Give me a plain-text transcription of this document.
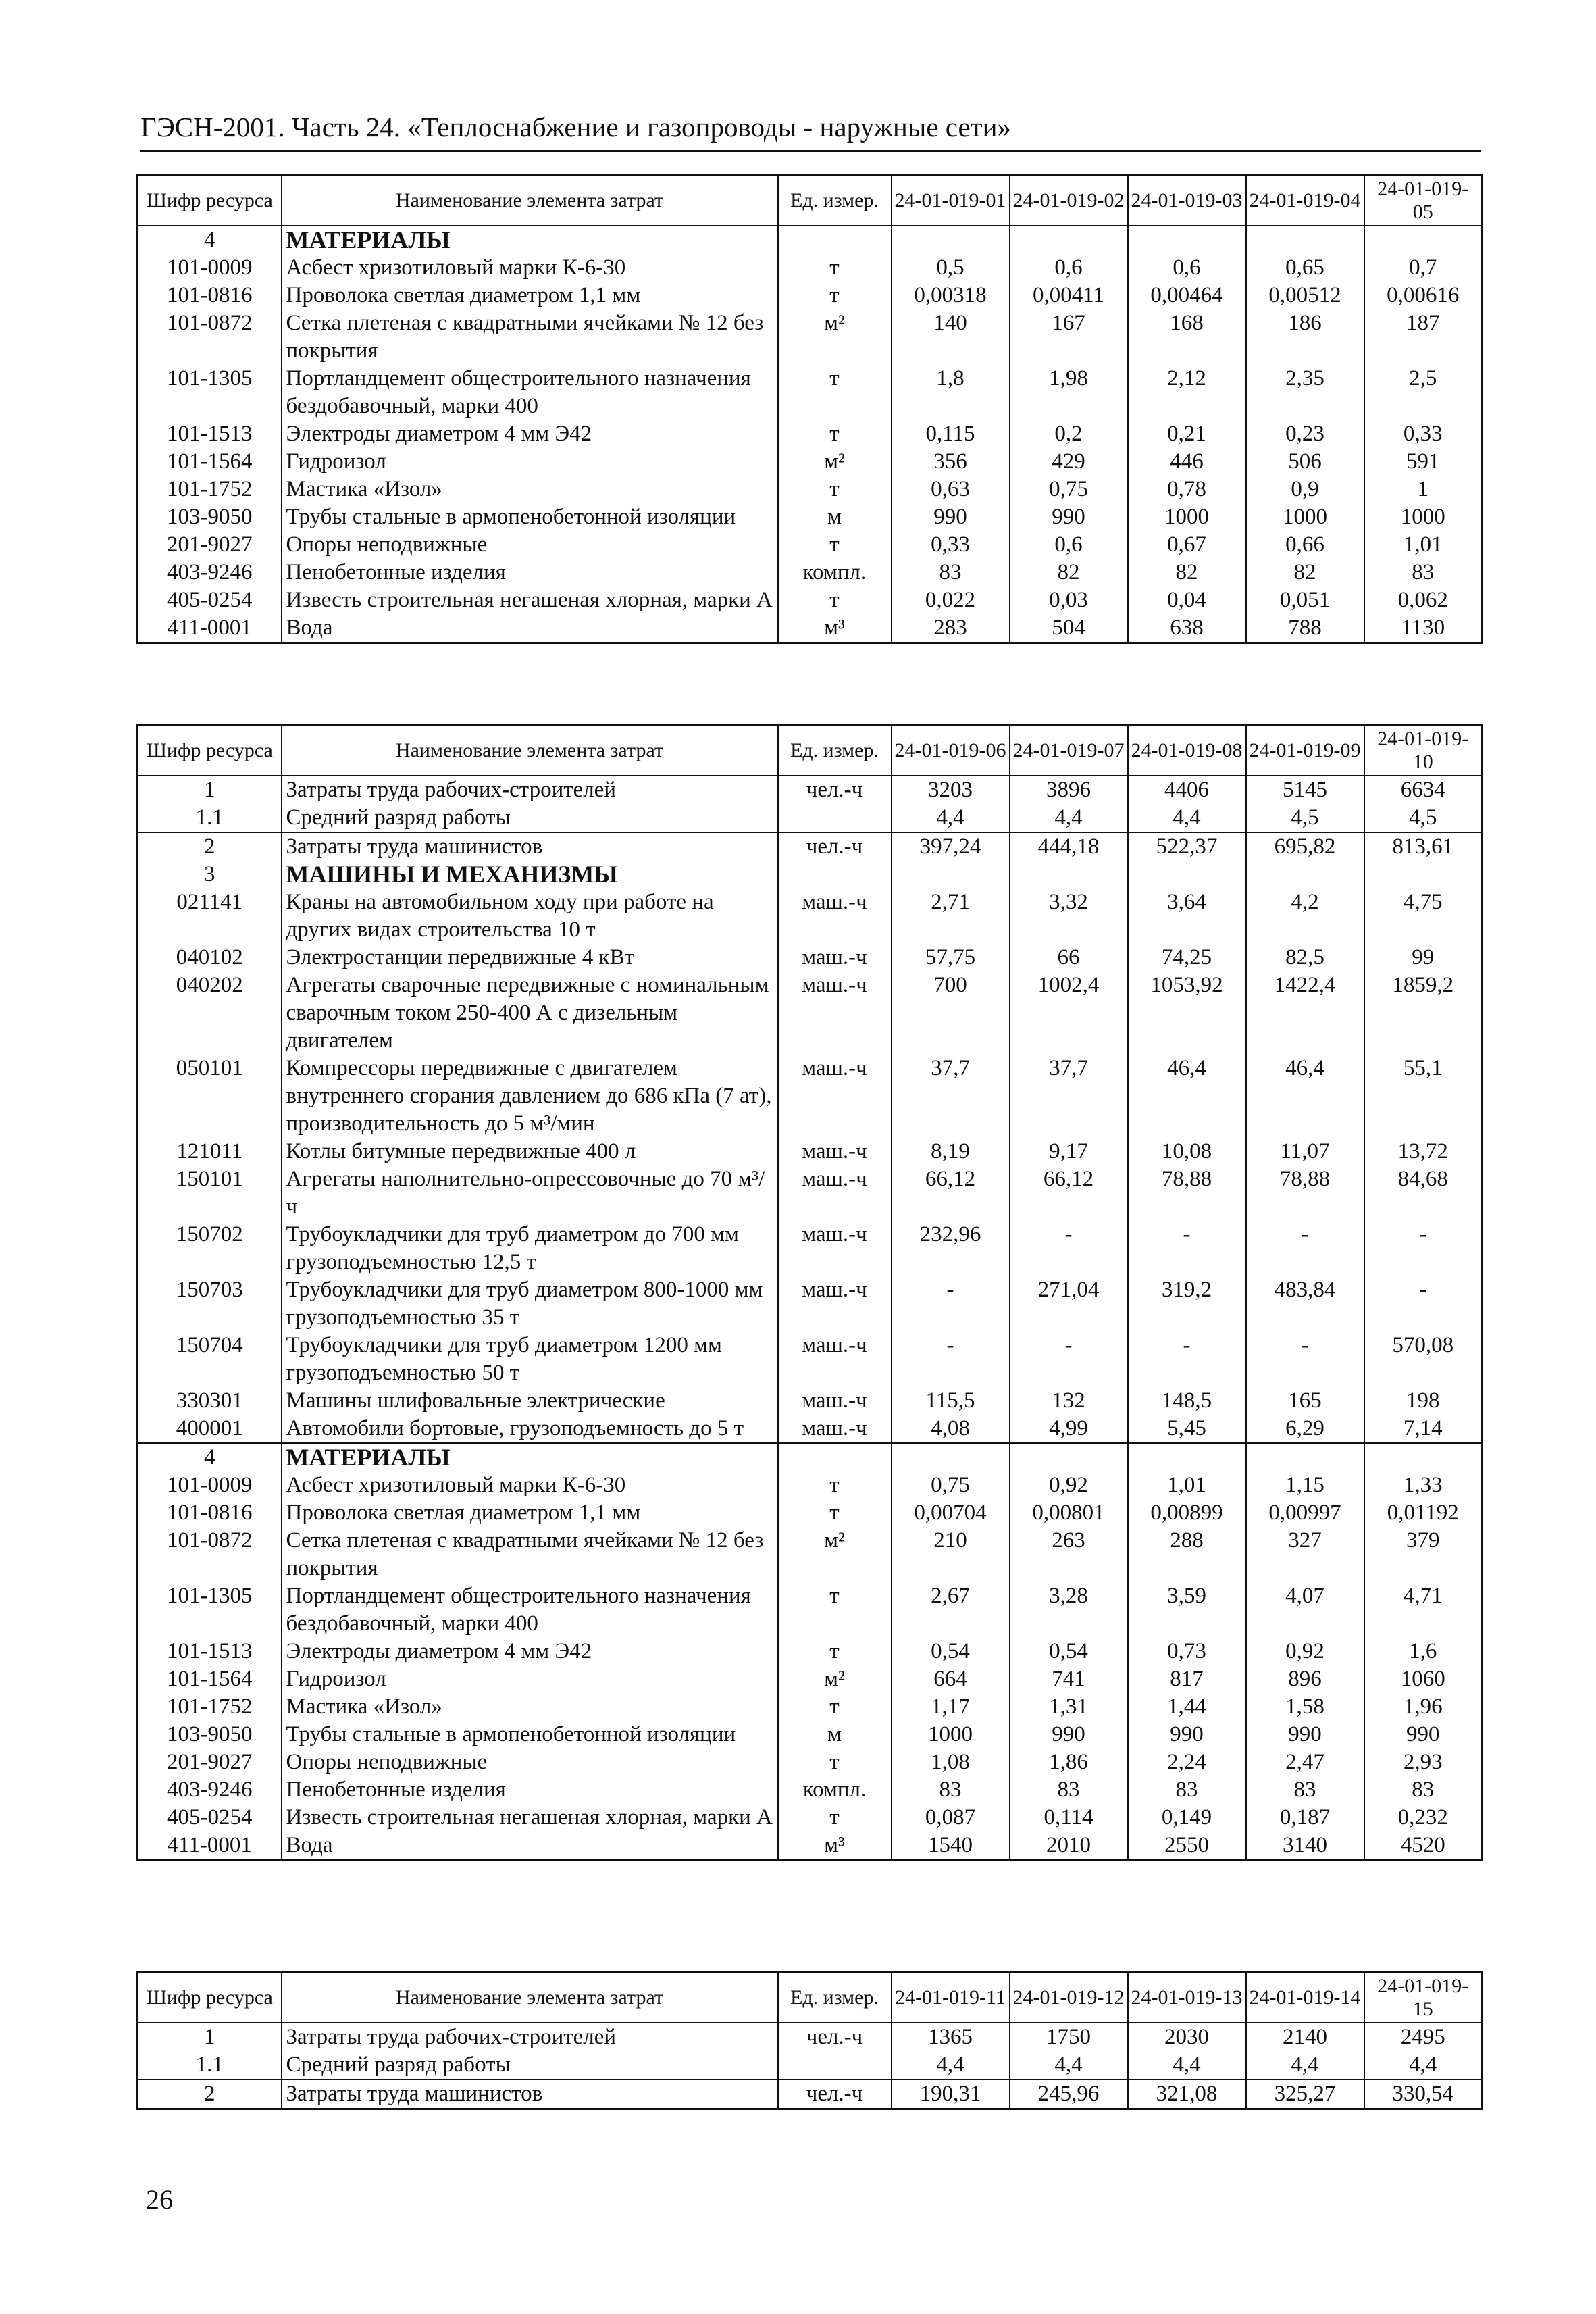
ГЭСН-2001. Часть 24. «Теплоснабжение и газопроводы - наружные сети»
Шифр ресурса	Наименование элемента затрат	Ед. измер.	24-01-019-01	24-01-019-02	24-01-019-03	24-01-019-04	24-01-019-05
4	МАТЕРИАЛЫ						
101-0009	Асбест хризотиловый марки К-6-30	т	0,5	0,6	0,6	0,65	0,7
101-0816	Проволока светлая диаметром 1,1 мм	т	0,00318	0,00411	0,00464	0,00512	0,00616
101-0872	Сетка плетеная с квадратными ячейками № 12 без покрытия	м²	140	167	168	186	187
101-1305	Портландцемент общестроительного назначения бездобавочный, марки 400	т	1,8	1,98	2,12	2,35	2,5
101-1513	Электроды диаметром 4 мм Э42	т	0,115	0,2	0,21	0,23	0,33
101-1564	Гидроизол	м²	356	429	446	506	591
101-1752	Мастика «Изол»	т	0,63	0,75	0,78	0,9	1
103-9050	Трубы стальные в армопенобетонной изоляции	м	990	990	1000	1000	1000
201-9027	Опоры неподвижные	т	0,33	0,6	0,67	0,66	1,01
403-9246	Пенобетонные изделия	компл.	83	82	82	82	83
405-0254	Известь строительная негашеная хлорная, марки А	т	0,022	0,03	0,04	0,051	0,062
411-0001	Вода	м³	283	504	638	788	1130
Шифр ресурса	Наименование элемента затрат	Ед. измер.	24-01-019-06	24-01-019-07	24-01-019-08	24-01-019-09	24-01-019-10
1	Затраты труда рабочих-строителей	чел.-ч	3203	3896	4406	5145	6634
1.1	Средний разряд работы		4,4	4,4	4,4	4,5	4,5
2	Затраты труда машинистов	чел.-ч	397,24	444,18	522,37	695,82	813,61
3	МАШИНЫ И МЕХАНИЗМЫ						
021141	Краны на автомобильном ходу при работе на других видах строительства 10 т	маш.-ч	2,71	3,32	3,64	4,2	4,75
040102	Электростанции передвижные 4 кВт	маш.-ч	57,75	66	74,25	82,5	99
040202	Агрегаты сварочные передвижные с номинальным сварочным током 250-400 А с дизельным двигателем	маш.-ч	700	1002,4	1053,92	1422,4	1859,2
050101	Компрессоры передвижные с двигателем внутреннего сгорания давлением до 686 кПа (7 ат), производительность до 5 м³/мин	маш.-ч	37,7	37,7	46,4	46,4	55,1
121011	Котлы битумные передвижные 400 л	маш.-ч	8,19	9,17	10,08	11,07	13,72
150101	Агрегаты наполнительно-опрессовочные до 70 м³/ч	маш.-ч	66,12	66,12	78,88	78,88	84,68
150702	Трубоукладчики для труб диаметром до 700 мм грузоподъемностью 12,5 т	маш.-ч	232,96	-	-	-	-
150703	Трубоукладчики для труб диаметром 800-1000 мм грузоподъемностью 35 т	маш.-ч	-	271,04	319,2	483,84	-
150704	Трубоукладчики для труб диаметром 1200 мм грузоподъемностью 50 т	маш.-ч	-	-	-	-	570,08
330301	Машины шлифовальные электрические	маш.-ч	115,5	132	148,5	165	198
400001	Автомобили бортовые, грузоподъемность до 5 т	маш.-ч	4,08	4,99	5,45	6,29	7,14
4	МАТЕРИАЛЫ						
101-0009	Асбест хризотиловый марки К-6-30	т	0,75	0,92	1,01	1,15	1,33
101-0816	Проволока светлая диаметром 1,1 мм	т	0,00704	0,00801	0,00899	0,00997	0,01192
101-0872	Сетка плетеная с квадратными ячейками № 12 без покрытия	м²	210	263	288	327	379
101-1305	Портландцемент общестроительного назначения бездобавочный, марки 400	т	2,67	3,28	3,59	4,07	4,71
101-1513	Электроды диаметром 4 мм Э42	т	0,54	0,54	0,73	0,92	1,6
101-1564	Гидроизол	м²	664	741	817	896	1060
101-1752	Мастика «Изол»	т	1,17	1,31	1,44	1,58	1,96
103-9050	Трубы стальные в армопенобетонной изоляции	м	1000	990	990	990	990
201-9027	Опоры неподвижные	т	1,08	1,86	2,24	2,47	2,93
403-9246	Пенобетонные изделия	компл.	83	83	83	83	83
405-0254	Известь строительная негашеная хлорная, марки А	т	0,087	0,114	0,149	0,187	0,232
411-0001	Вода	м³	1540	2010	2550	3140	4520
Шифр ресурса	Наименование элемента затрат	Ед. измер.	24-01-019-11	24-01-019-12	24-01-019-13	24-01-019-14	24-01-019-15
1	Затраты труда рабочих-строителей	чел.-ч	1365	1750	2030	2140	2495
1.1	Средний разряд работы		4,4	4,4	4,4	4,4	4,4
2	Затраты труда машинистов	чел.-ч	190,31	245,96	321,08	325,27	330,54
26
